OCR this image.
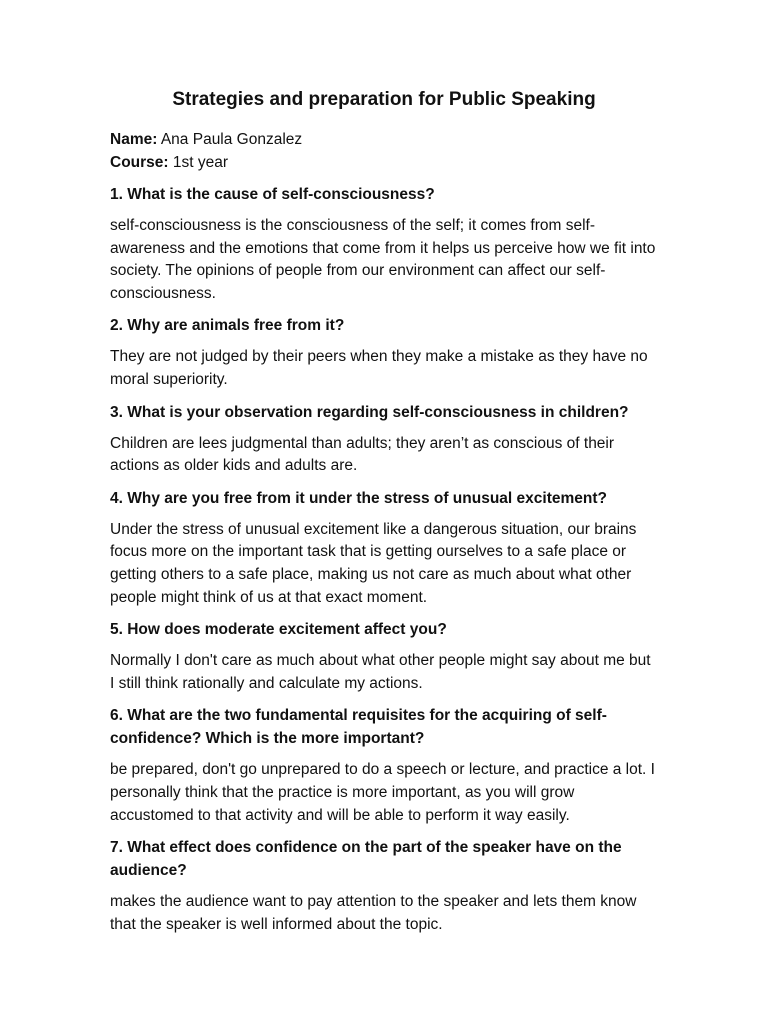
Strategies and preparation for Public Speaking

Name: Ana Paula Gonzalez

Course: 1st year

1. What is the cause of self-consciousness?

self-consciousness is the consciousness of the self; it comes from self-awareness and the emotions that come from it helps us perceive how we fit into society. The opinions of people from our environment can affect our self-consciousness.

2. Why are animals free from it?

They are not judged by their peers when they make a mistake as they have no moral superiority.

3. What is your observation regarding self-consciousness in children?

Children are lees judgmental than adults; they aren’t as conscious of their actions as older kids and adults are.

4. Why are you free from it under the stress of unusual excitement?

Under the stress of unusual excitement like a dangerous situation, our brains focus more on the important task that is getting ourselves to a safe place or getting others to a safe place, making us not care as much about what other people might think of us at that exact moment.

5. How does moderate excitement affect you?

Normally I don't care as much about what other people might say about me but I still think rationally and calculate my actions.

6. What are the two fundamental requisites for the acquiring of self-confidence? Which is the more important?

be prepared, don't go unprepared to do a speech or lecture, and practice a lot. I personally think that the practice is more important, as you will grow accustomed to that activity and will be able to perform it way easily.

7. What effect does confidence on the part of the speaker have on the audience?

makes the audience want to pay attention to the speaker and lets them know that the speaker is well informed about the topic.
